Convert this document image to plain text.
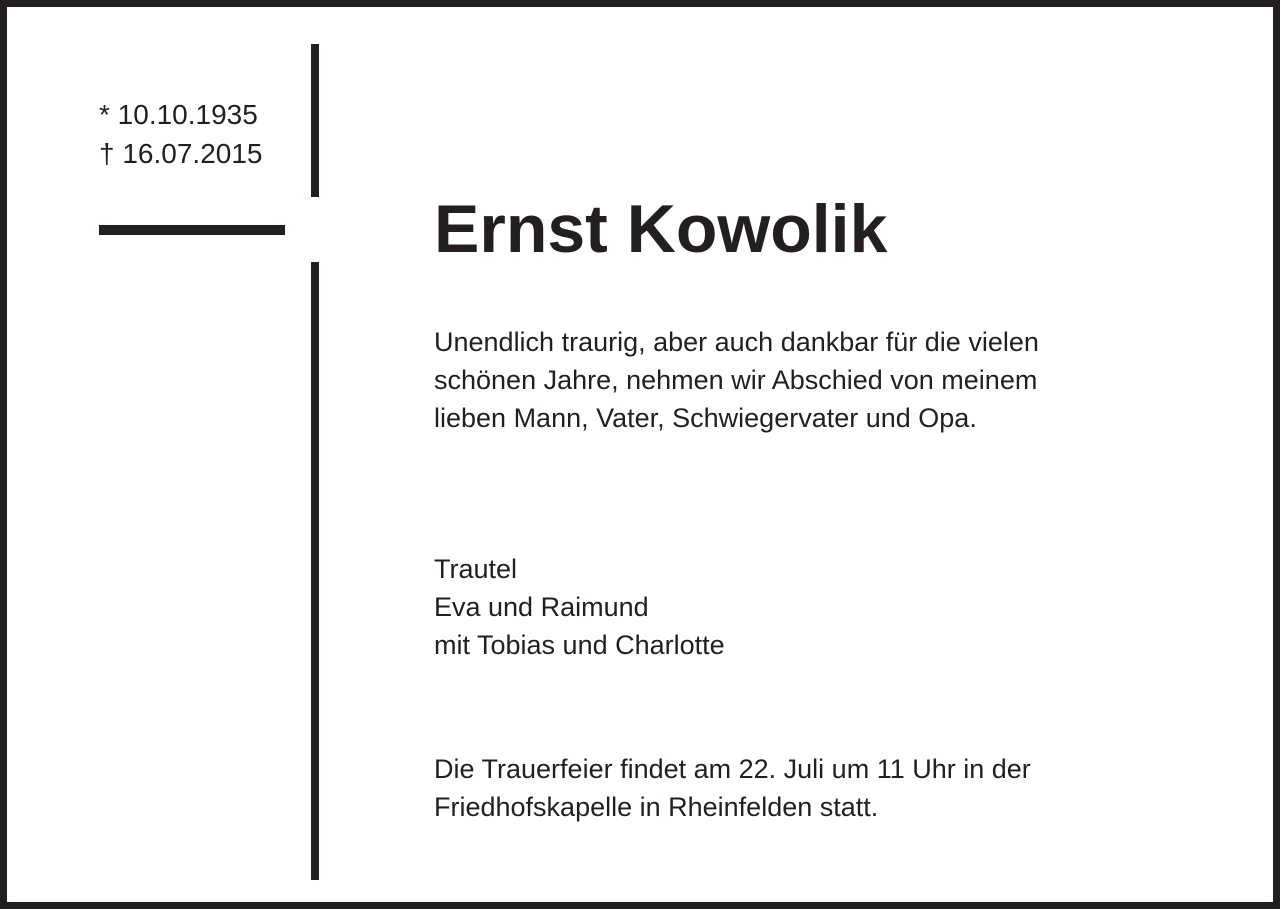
* 10.10.1935
† 16.07.2015
Ernst Kowolik
Unendlich traurig, aber auch dankbar für die vielen
schönen Jahre, nehmen wir Abschied von meinem
lieben Mann, Vater, Schwiegervater und Opa.
Trautel
Eva und Raimund
mit Tobias und Charlotte
Die Trauerfeier findet am 22. Juli um 11 Uhr in der
Friedhofskapelle in Rheinfelden statt.
